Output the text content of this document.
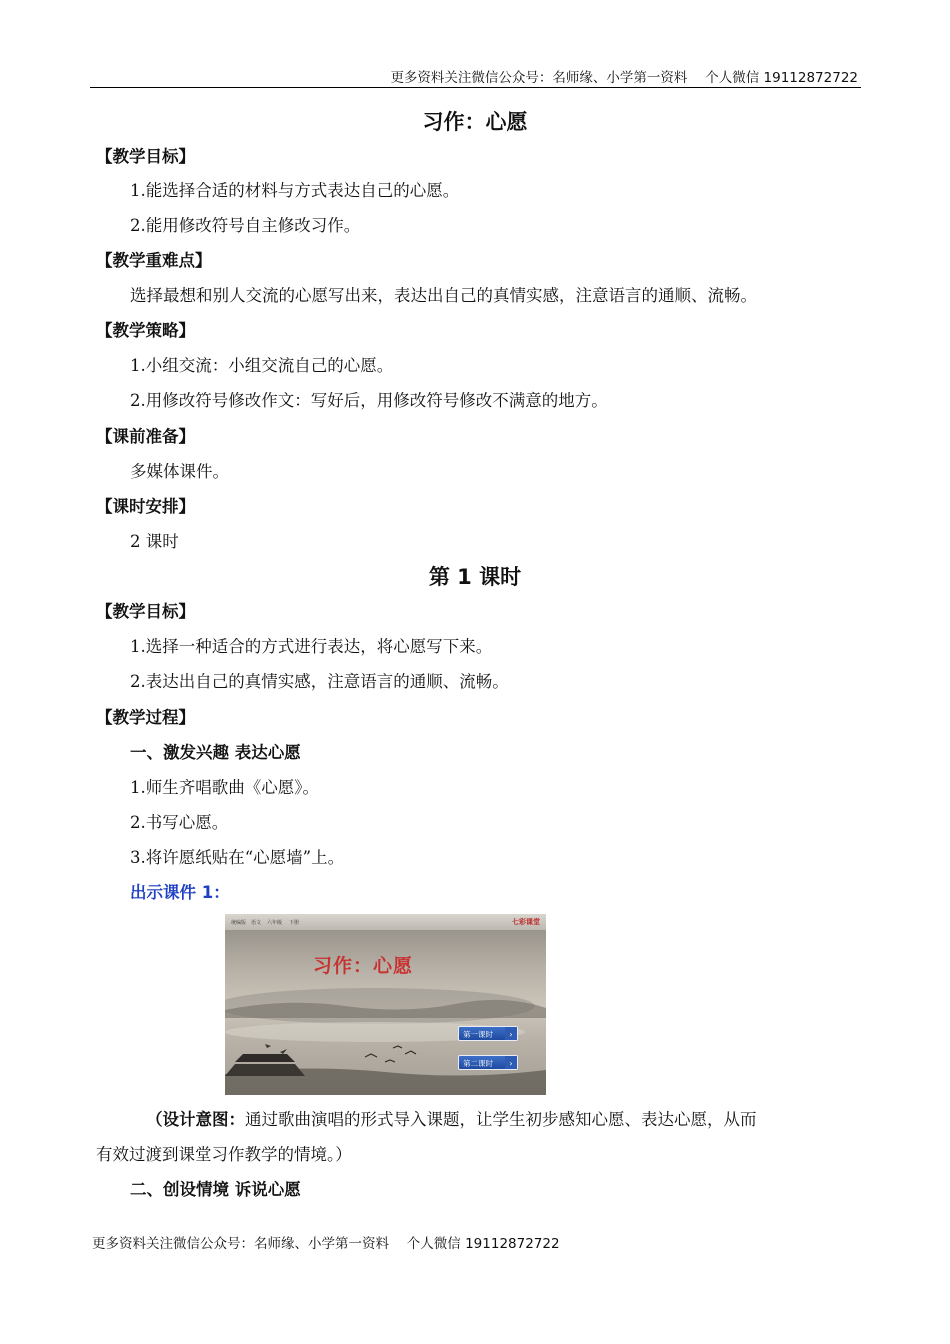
更多资料关注微信公众号：名师缘、小学第一资料　 个人微信 19112872722
习作：心愿
【教学目标】
1.能选择合适的材料与方式表达自己的心愿。
2.能用修改符号自主修改习作。
【教学重难点】
选择最想和别人交流的心愿写出来，表达出自己的真情实感，注意语言的通顺、流畅。
【教学策略】
1.小组交流：小组交流自己的心愿。
2.用修改符号修改作文：写好后，用修改符号修改不满意的地方。
【课前准备】
多媒体课件。
【课时安排】
2 课时
第 1 课时
【教学目标】
1.选择一种适合的方式进行表达，将心愿写下来。
2.表达出自己的真情实感，注意语言的通顺、流畅。
【教学过程】
一、激发兴趣 表达心愿
1.师生齐唱歌曲《心愿》。
2.书写心愿。
3.将许愿纸贴在“心愿墙”上。
出示课件 1：
统编版 语文 六年级 下册	七彩课堂
习作：心愿
第一课时	›
第二课时	›
（设计意图：通过歌曲演唱的形式导入课题，让学生初步感知心愿、表达心愿，从而
有效过渡到课堂习作教学的情境。）
二、创设情境 诉说心愿
更多资料关注微信公众号：名师缘、小学第一资料　 个人微信 19112872722
